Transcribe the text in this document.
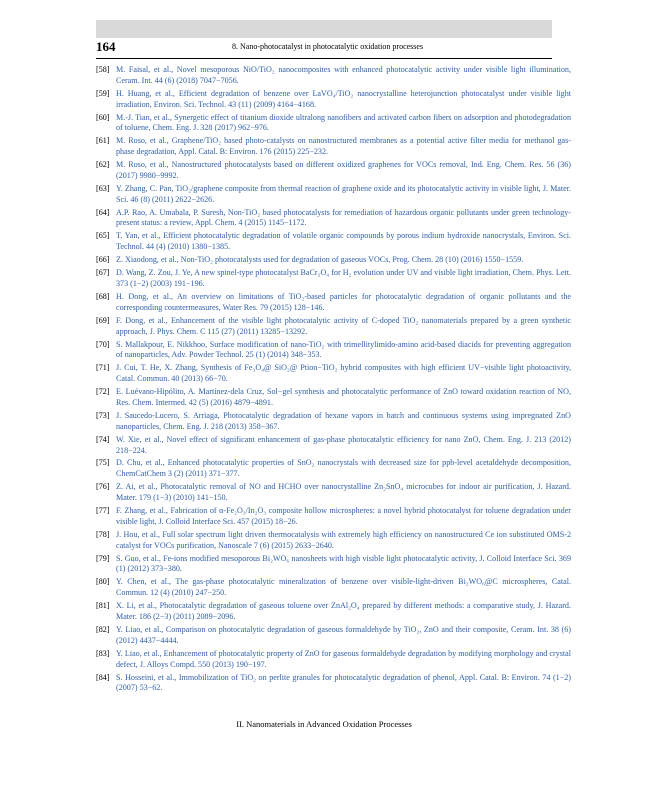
164	8. Nano-photocatalyst in photocatalytic oxidation processes
[58] M. Faisal, et al., Novel mesoporous NiO/TiO₂ nanocomposites with enhanced photocatalytic activity under visible light illumination, Ceram. Int. 44 (6) (2018) 7047−7056.
[59] H. Huang, et al., Efficient degradation of benzene over LaVO₄/TiO₂ nanocrystalline heterojunction photocatalyst under visible light irradiation, Environ. Sci. Technol. 43 (11) (2009) 4164−4168.
[60] M.-J. Tian, et al., Synergetic effect of titanium dioxide ultralong nanofibers and activated carbon fibers on adsorption and photodegradation of toluene, Chem. Eng. J. 328 (2017) 962−976.
[61] M. Roso, et al., Graphene/TiO₂ based photo-catalysts on nanostructured membranes as a potential active filter media for methanol gas-phase degradation, Appl. Catal. B: Environ. 176 (2015) 225−232.
[62] M. Roso, et al., Nanostructured photocatalysts based on different oxidized graphenes for VOCs removal, Ind. Eng. Chem. Res. 56 (36) (2017) 9980−9992.
[63] Y. Zhang, C. Pan, TiO₂/graphene composite from thermal reaction of graphene oxide and its photocatalytic activity in visible light, J. Mater. Sci. 46 (8) (2011) 2622−2626.
[64] A.P. Rao, A. Umabala, P. Suresh, Non-TiO₂ based photocatalysts for remediation of hazardous organic pollutants under green technology-present status: a review, Appl. Chem. 4 (2015) 1145−1172.
[65] T. Yan, et al., Efficient photocatalytic degradation of volatile organic compounds by porous indium hydroxide nanocrystals, Environ. Sci. Technol. 44 (4) (2010) 1380−1385.
[66] Z. Xiaodong, et al., Non-TiO₂ photocatalysts used for degradation of gaseous VOCs, Prog. Chem. 28 (10) (2016) 1550−1559.
[67] D. Wang, Z. Zou, J. Ye, A new spinel-type photocatalyst BaCr₂O₄ for H₂ evolution under UV and visible light irradiation, Chem. Phys. Lett. 373 (1−2) (2003) 191−196.
[68] H. Dong, et al., An overview on limitations of TiO₂-based particles for photocatalytic degradation of organic pollutants and the corresponding countermeasures, Water Res. 79 (2015) 128−146.
[69] F. Dong, et al., Enhancement of the visible light photocatalytic activity of C-doped TiO₂ nanomaterials prepared by a green synthetic approach, J. Phys. Chem. C 115 (27) (2011) 13285−13292.
[70] S. Mallakpour, E. Nikkhoo, Surface modification of nano-TiO₂ with trimellitylimido-amino acid-based diacids for preventing aggregation of nanoparticles, Adv. Powder Technol. 25 (1) (2014) 348−353.
[71] J. Cui, T. He, X. Zhang, Synthesis of Fe₃O₄@ SiO₂@ Ption−TiO₂ hybrid composites with high efficient UV−visible light photoactivity, Catal. Commun. 40 (2013) 66−70.
[72] E. Luévano-Hipólito, A. Martínez-dela Cruz, Sol−gel synthesis and photocatalytic performance of ZnO toward oxidation reaction of NO, Res. Chem. Intermed. 42 (5) (2016) 4879−4891.
[73] J. Saucedo-Lucero, S. Arriaga, Photocatalytic degradation of hexane vapors in batch and continuous systems using impregnated ZnO nanoparticles, Chem. Eng. J. 218 (2013) 358−367.
[74] W. Xie, et al., Novel effect of significant enhancement of gas-phase photocatalytic efficiency for nano ZnO, Chem. Eng. J. 213 (2012) 218−224.
[75] D. Chu, et al., Enhanced photocatalytic properties of SnO₂ nanocrystals with decreased size for ppb-level acetaldehyde decomposition, ChemCatChem 3 (2) (2011) 371−377.
[76] Z. Ai, et al., Photocatalytic removal of NO and HCHO over nanocrystalline Zn₂SnO₄ microcubes for indoor air purification, J. Hazard. Mater. 179 (1−3) (2010) 141−150.
[77] F. Zhang, et al., Fabrication of α-Fe₂O₃/In₂O₃ composite hollow microspheres: a novel hybrid photocatalyst for toluene degradation under visible light, J. Colloid Interface Sci. 457 (2015) 18−26.
[78] J. Hou, et al., Full solar spectrum light driven thermocatalysis with extremely high efficiency on nanostructured Ce ion substituted OMS-2 catalyst for VOCs purification, Nanoscale 7 (6) (2015) 2633−2640.
[79] S. Guo, et al., Fe-ions modified mesoporous Bi₂WO₆ nanosheets with high visible light photocatalytic activity, J. Colloid Interface Sci. 369 (1) (2012) 373−380.
[80] Y. Chen, et al., The gas-phase photocatalytic mineralization of benzene over visible-light-driven Bi₂WO₆@C microspheres, Catal. Commun. 12 (4) (2010) 247−250.
[81] X. Li, et al., Photocatalytic degradation of gaseous toluene over ZnAl₂O₄ prepared by different methods: a comparative study, J. Hazard. Mater. 186 (2−3) (2011) 2089−2096.
[82] Y. Liao, et al., Comparison on photocatalytic degradation of gaseous formaldehyde by TiO₂, ZnO and their composite, Ceram. Int. 38 (6) (2012) 4437−4444.
[83] Y. Liao, et al., Enhancement of photocatalytic property of ZnO for gaseous formaldehyde degradation by modifying morphology and crystal defect, J. Alloys Compd. 550 (2013) 190−197.
[84] S. Hosseini, et al., Immobilization of TiO₂ on perlite granules for photocatalytic degradation of phenol, Appl. Catal. B: Environ. 74 (1−2) (2007) 53−62.
II. Nanomaterials in Advanced Oxidation Processes
